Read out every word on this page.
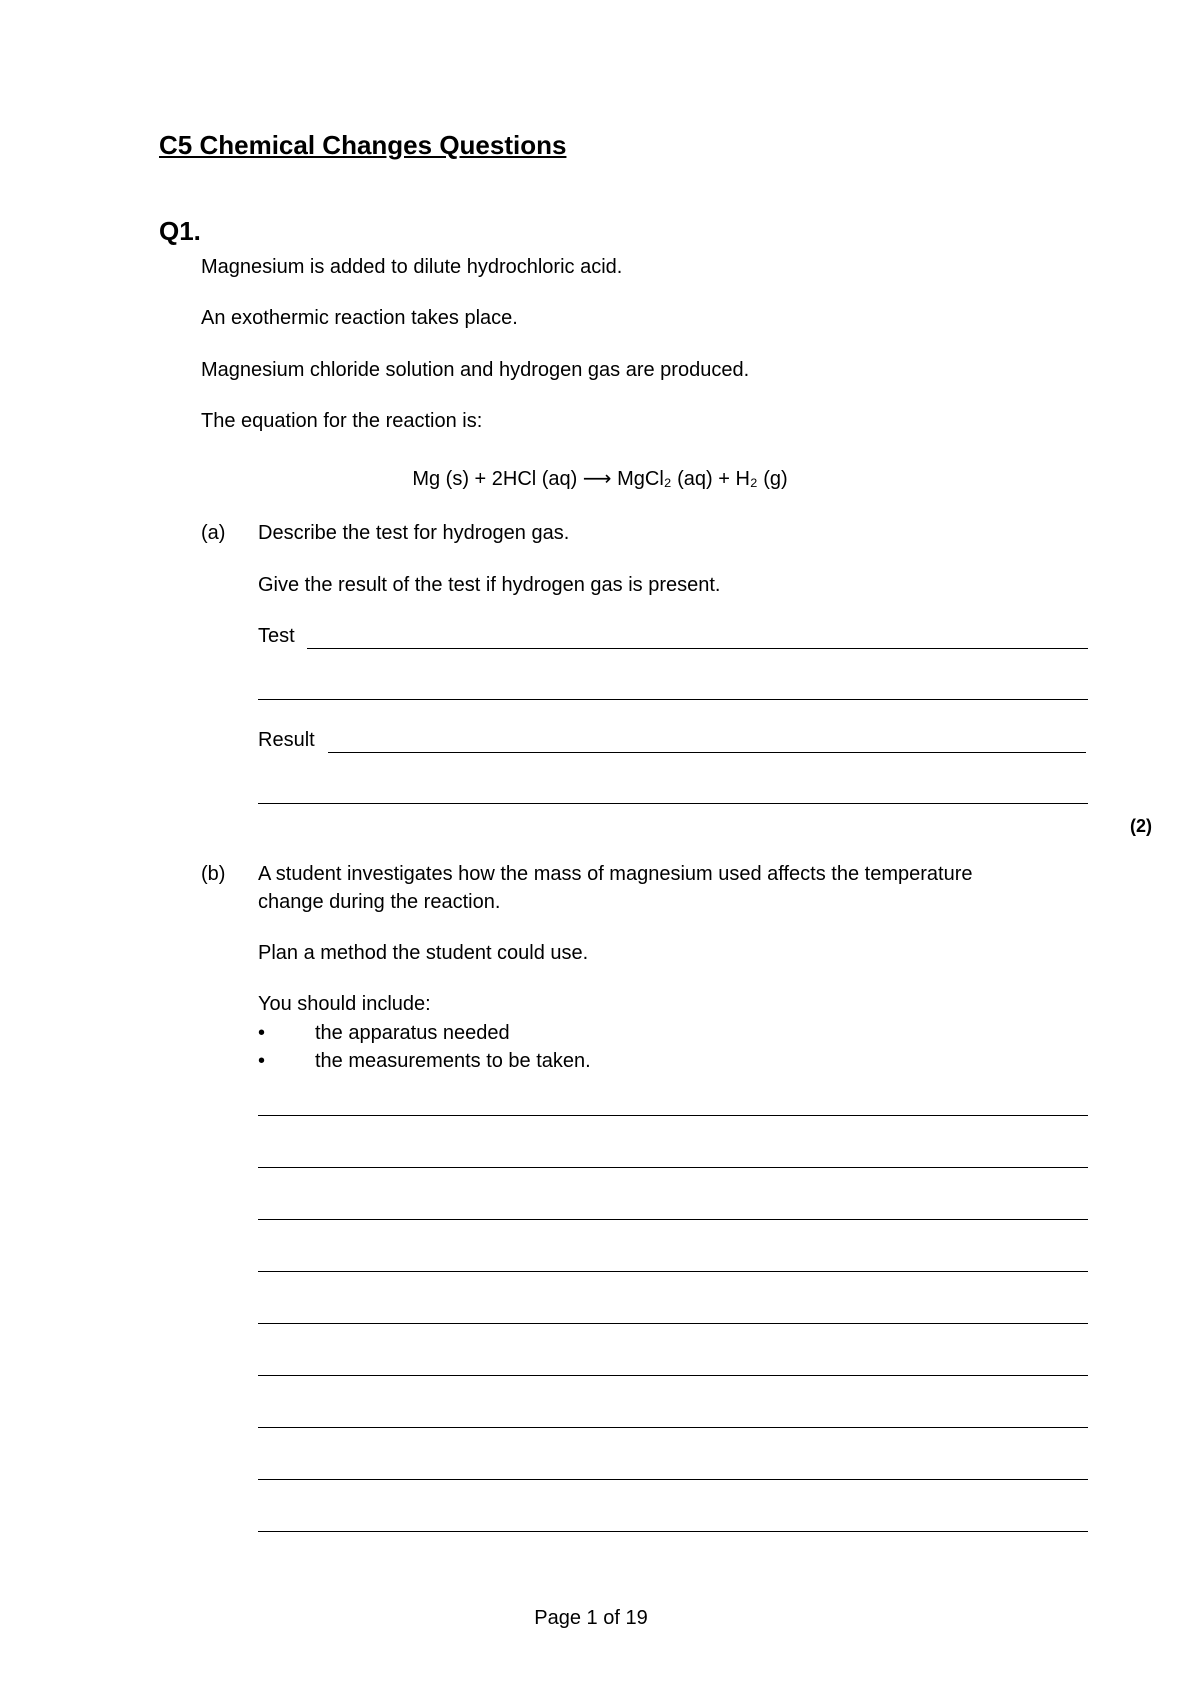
C5 Chemical Changes Questions
Q1.
Magnesium is added to dilute hydrochloric acid.
An exothermic reaction takes place.
Magnesium chloride solution and hydrogen gas are produced.
The equation for the reaction is:
Mg (s) + 2HCl (aq) ⟶ MgCl₂ (aq) + H₂ (g)
(a) Describe the test for hydrogen gas.
Give the result of the test if hydrogen gas is present.
Test
Result
(2)
(b) A student investigates how the mass of magnesium used affects the temperature
change during the reaction.
Plan a method the student could use.
You should include:
• the apparatus needed
• the measurements to be taken.
Page 1 of 19
